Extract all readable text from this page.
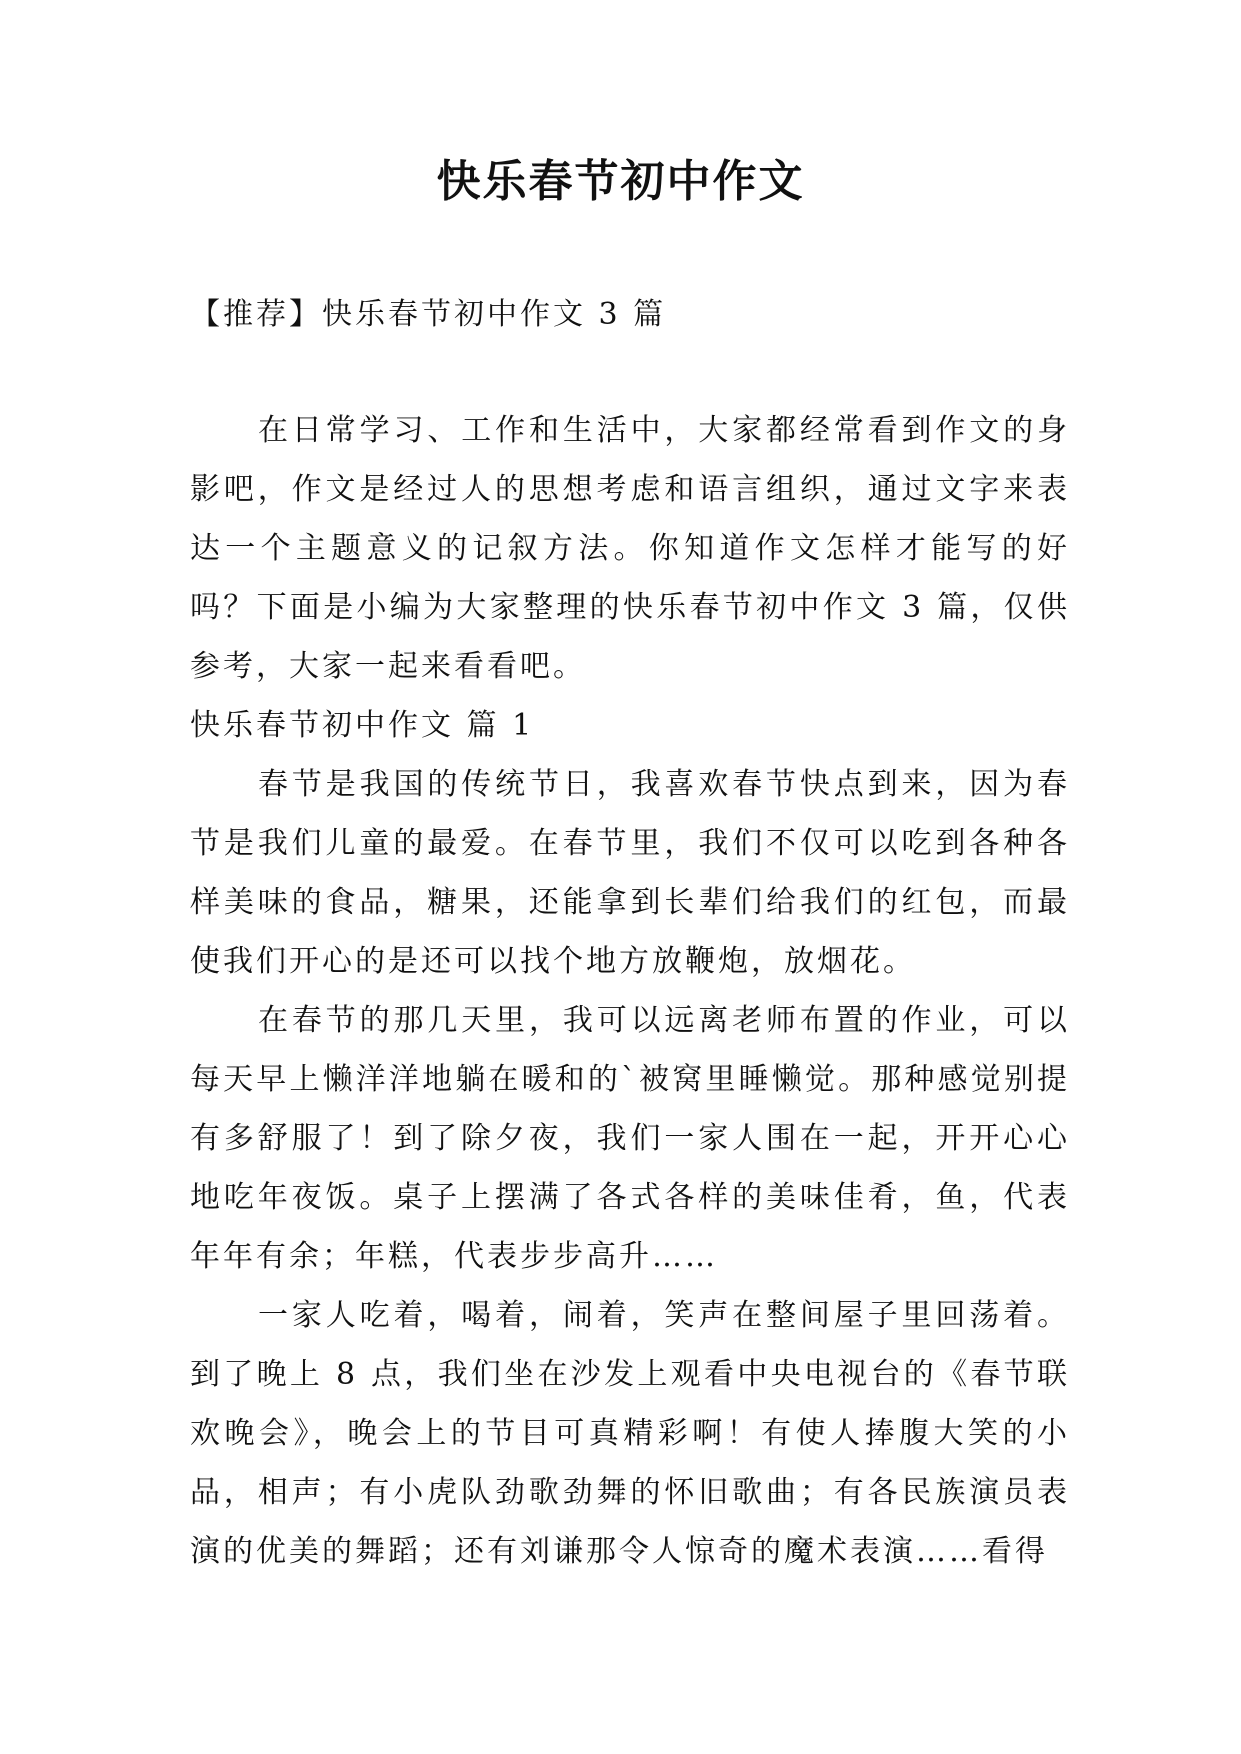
快乐春节初中作文
【推荐】快乐春节初中作文 3 篇

在日常学习、工作和生活中，大家都经常看到作文的身影吧，作文是经过人的思想考虑和语言组织，通过文字来表达一个主题意义的记叙方法。你知道作文怎样才能写的好吗？下面是小编为大家整理的快乐春节初中作文 3 篇，仅供参考，大家一起来看看吧。

快乐春节初中作文 篇 1

春节是我国的传统节日，我喜欢春节快点到来，因为春节是我们儿童的最爱。在春节里，我们不仅可以吃到各种各样美味的食品，糖果，还能拿到长辈们给我们的红包，而最使我们开心的是还可以找个地方放鞭炮，放烟花。

在春节的那几天里，我可以远离老师布置的作业，可以每天早上懒洋洋地躺在暖和的`被窝里睡懒觉。那种感觉别提有多舒服了！到了除夕夜，我们一家人围在一起，开开心心地吃年夜饭。桌子上摆满了各式各样的美味佳肴，鱼，代表年年有余；年糕，代表步步高升……

一家人吃着，喝着，闹着，笑声在整间屋子里回荡着。到了晚上 8 点，我们坐在沙发上观看中央电视台的《春节联欢晚会》，晚会上的节目可真精彩啊！有使人捧腹大笑的小品，相声；有小虎队劲歌劲舞的怀旧歌曲；有各民族演员表演的优美的舞蹈；还有刘谦那令人惊奇的魔术表演……看得
